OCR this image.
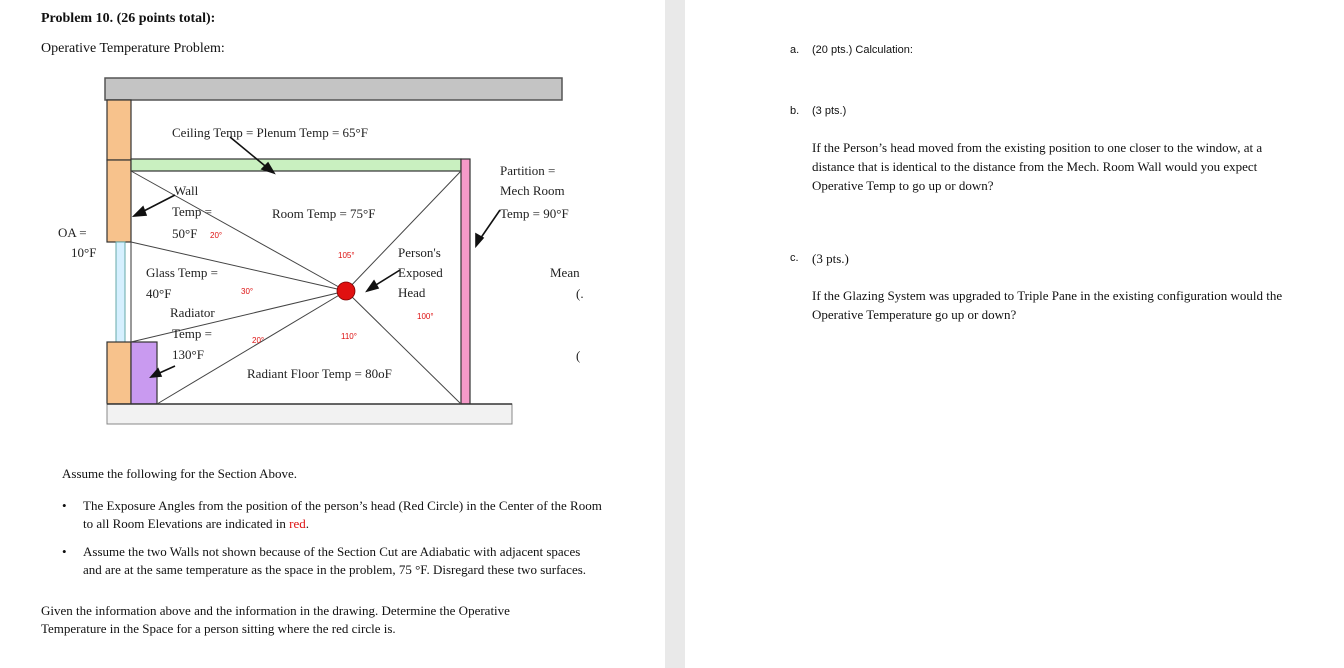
Problem 10. (26 points total):
Operative Temperature Problem:
Ceiling Temp = Plenum Temp = 65°F
Wall
Temp =
50°F
OA =
10°F
Room Temp = 75°F
Partition =
Mech Room
Temp = 90°F
Person's
Exposed
Head
Glass Temp =
40°F
Radiator
Temp =
130°F
Radiant Floor Temp = 80oF
Mean
(.
(
20°
30°
20°
105°
100°
110°
Assume the following for the Section Above.
•	The Exposure Angles from the position of the person’s head (Red Circle) in the Center of the Room to all Room Elevations are indicated in red.
•	Assume the two Walls not shown because of the Section Cut are Adiabatic with adjacent spaces and are at the same temperature as the space in the problem, 75 °F. Disregard these two surfaces.
Given the information above and the information in the drawing. Determine the Operative Temperature in the Space for a person sitting where the red circle is.
a. (20 pts.) Calculation:
b. (3 pts.)
If the Person’s head moved from the existing position to one closer to the window, at a distance that is identical to the distance from the Mech. Room Wall would you expect Operative Temp to go up or down?
c. (3 pts.)
If the Glazing System was upgraded to Triple Pane in the existing configuration would the Operative Temperature go up or down?
